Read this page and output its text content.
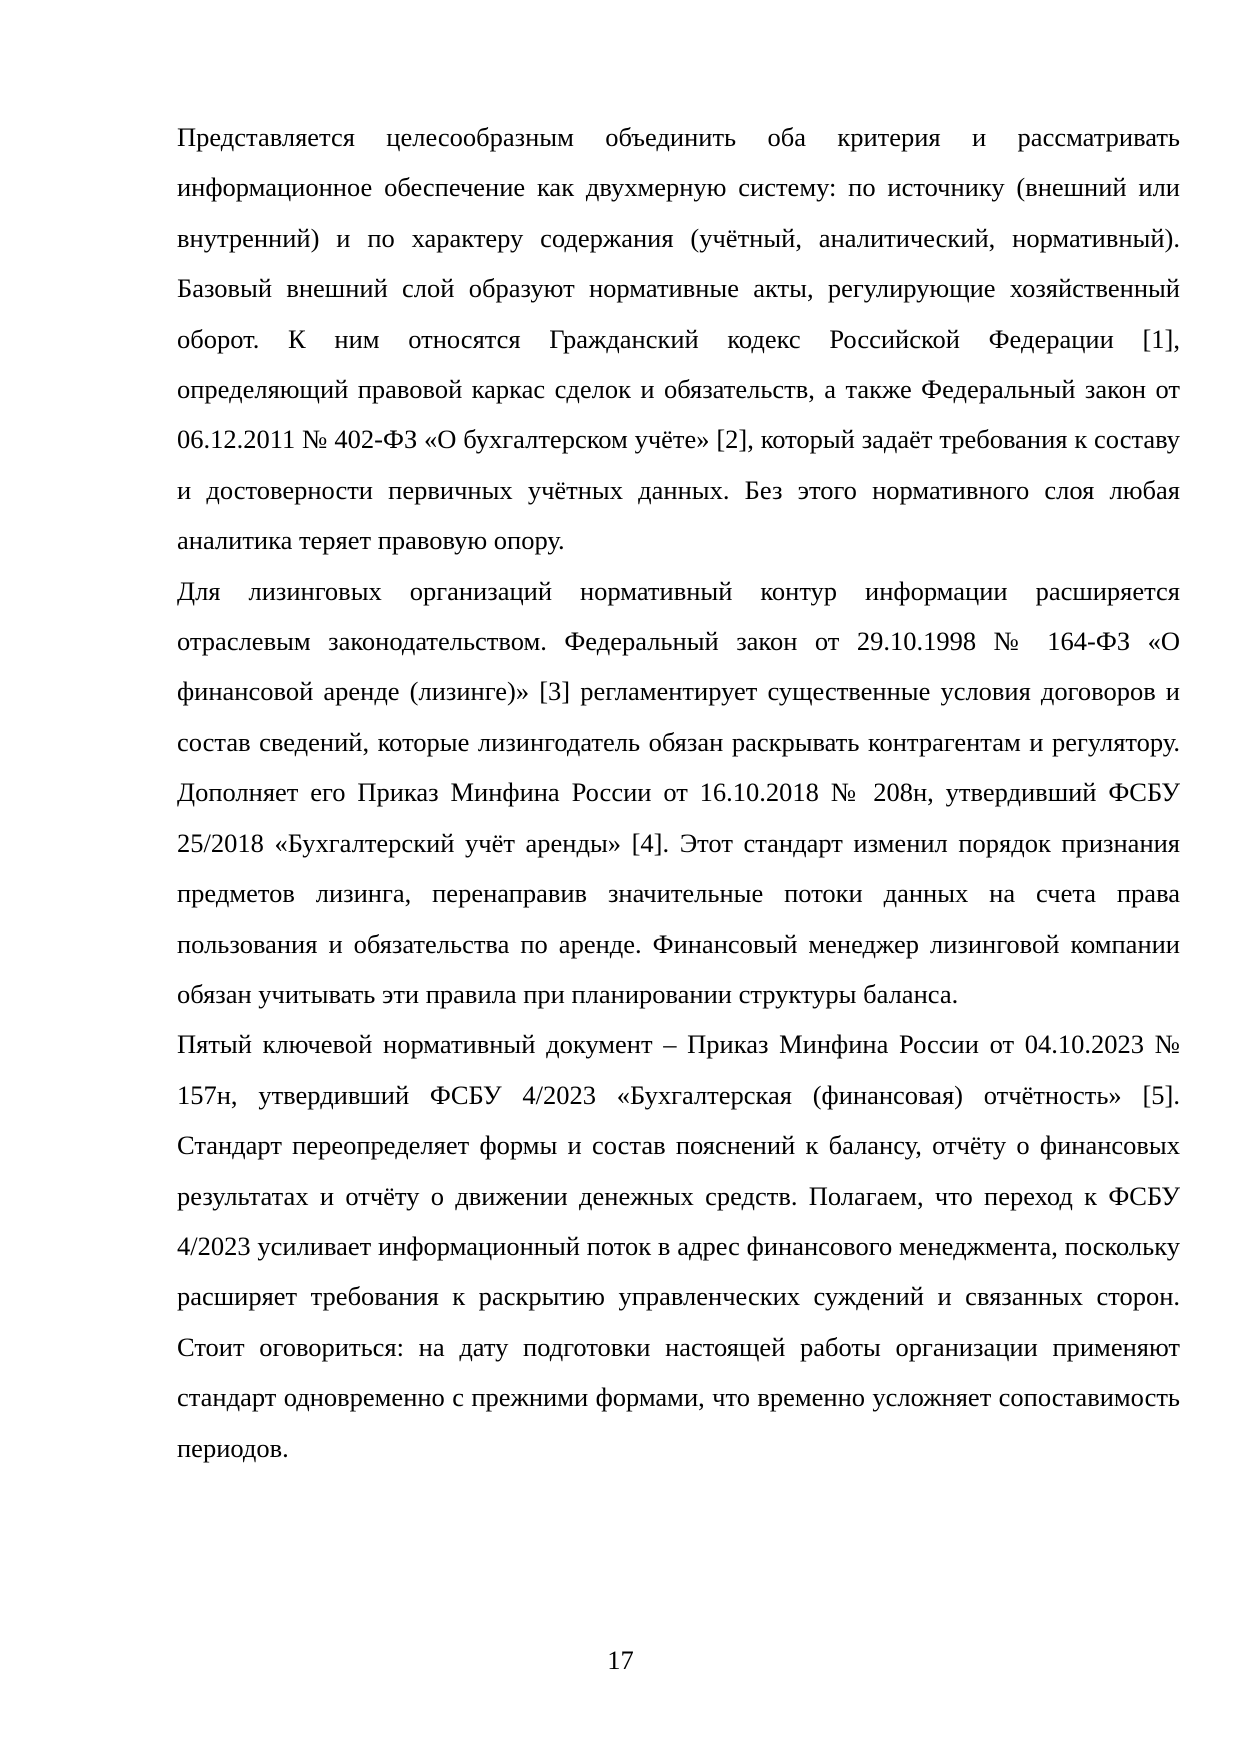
Представляется целесообразным объединить оба критерия и рассматривать информационное обеспечение как двухмерную систему: по источнику (внешний или внутренний) и по характеру содержания (учётный, аналитический, нормативный). Базовый внешний слой образуют нормативные акты, регулирующие хозяйственный оборот. К ним относятся Гражданский кодекс Российской Федерации [1], определяющий правовой каркас сделок и обязательств, а также Федеральный закон от 06.12.2011 № 402-ФЗ «О бухгалтерском учёте» [2], который задаёт требования к составу и достоверности первичных учётных данных. Без этого нормативного слоя любая аналитика теряет правовую опору.

Для лизинговых организаций нормативный контур информации расширяется отраслевым законодательством. Федеральный закон от 29.10.1998 № 164-ФЗ «О финансовой аренде (лизинге)» [3] регламентирует существенные условия договоров и состав сведений, которые лизингодатель обязан раскрывать контрагентам и регулятору. Дополняет его Приказ Минфина России от 16.10.2018 № 208н, утвердивший ФСБУ 25/2018 «Бухгалтерский учёт аренды» [4]. Этот стандарт изменил порядок признания предметов лизинга, перенаправив значительные потоки данных на счета права пользования и обязательства по аренде. Финансовый менеджер лизинговой компании обязан учитывать эти правила при планировании структуры баланса.

Пятый ключевой нормативный документ – Приказ Минфина России от 04.10.2023 № 157н, утвердивший ФСБУ 4/2023 «Бухгалтерская (финансовая) отчётность» [5]. Стандарт переопределяет формы и состав пояснений к балансу, отчёту о финансовых результатах и отчёту о движении денежных средств. Полагаем, что переход к ФСБУ 4/2023 усиливает информационный поток в адрес финансового менеджмента, поскольку расширяет требования к раскрытию управленческих суждений и связанных сторон. Стоит оговориться: на дату подготовки настоящей работы организации применяют стандарт одновременно с прежними формами, что временно усложняет сопоставимость периодов.

17
